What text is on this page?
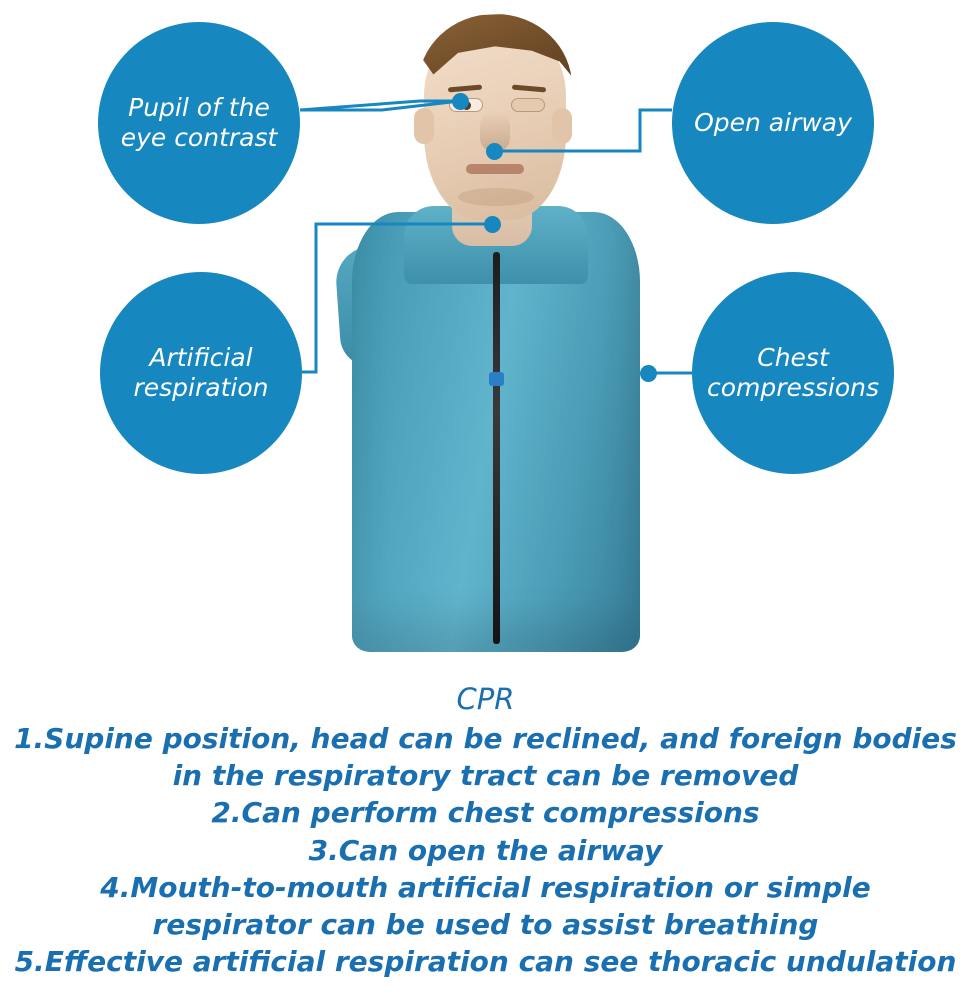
Pupil of the
eye contrast
Open airway
Artificial
respiration
Chest
compressions
CPR
1.Supine position, head can be reclined, and foreign bodies
in the respiratory tract can be removed
2.Can perform chest compressions
3.Can open the airway
4.Mouth-to-mouth artificial respiration or simple
respirator can be used to assist breathing
5.Effective artificial respiration can see thoracic undulation
